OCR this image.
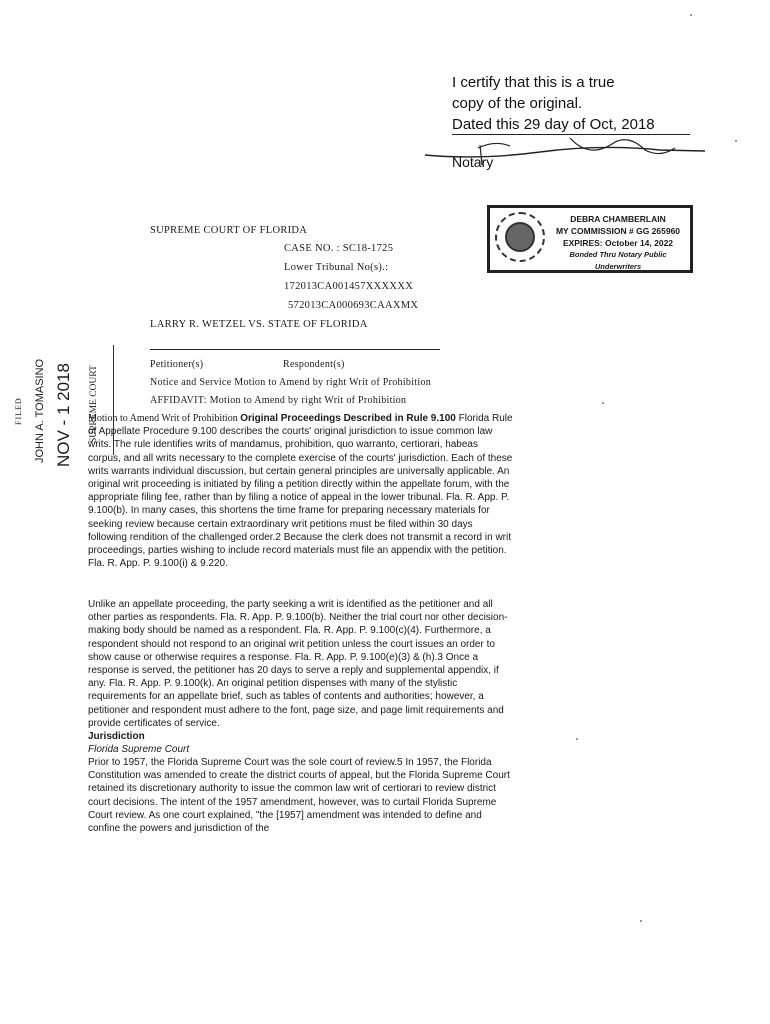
I certify that this is a true
copy of the original.
Dated this 29 day of Oct, 2018
Notary
DEBRA CHAMBERLAIN
MY COMMISSION # GG 265960
EXPIRES: October 14, 2022
Bonded Thru Notary Public Underwriters
FILED JOHN A. TOMASINO NOV - 1 2018 SUPREME COURT
SUPREME COURT OF FLORIDA
CASE NO. : SC18-1725
Lower Tribunal No(s).:
172013CA001457XXXXXX
572013CA000693CAAXMX
LARRY R. WETZEL VS. STATE OF FLORIDA
Petitioner(s)	Respondent(s)
Notice and Service Motion to Amend by right Writ of Prohibition
AFFIDAVIT: Motion to Amend by right Writ of Prohibition

Motion to Amend Writ of Prohibition Original Proceedings Described in Rule 9.100 Florida Rule of Appellate Procedure 9.100 describes the courts' original jurisdiction to issue common law writs. The rule identifies writs of mandamus, prohibition, quo warranto, certiorari, habeas corpus, and all writs necessary to the complete exercise of the courts' jurisdiction. Each of these writs warrants individual discussion, but certain general principles are universally applicable. An original writ proceeding is initiated by filing a petition directly within the appellate forum, with the appropriate filing fee, rather than by filing a notice of appeal in the lower tribunal. Fla. R. App. P. 9.100(b). In many cases, this shortens the time frame for preparing necessary materials for seeking review because certain extraordinary writ petitions must be filed within 30 days following rendition of the challenged order.2 Because the clerk does not transmit a record in writ proceedings, parties wishing to include record materials must file an appendix with the petition. Fla. R. App. P. 9.100(i) & 9.220.

Unlike an appellate proceeding, the party seeking a writ is identified as the petitioner and all other parties as respondents. Fla. R. App. P. 9.100(b). Neither the trial court nor other decision-making body should be named as a respondent. Fla. R. App. P. 9.100(c)(4). Furthermore, a respondent should not respond to an original writ petition unless the court issues an order to show cause or otherwise requires a response. Fla. R. App. P. 9.100(e)(3) & (h).3 Once a response is served, the petitioner has 20 days to serve a reply and supplemental appendix, if any. Fla. R. App. P. 9.100(k). An original petition dispenses with many of the stylistic requirements for an appellate brief, such as tables of contents and authorities; however, a petitioner and respondent must adhere to the font, page size, and page limit requirements and provide certificates of service.

Jurisdiction
Florida Supreme Court

Prior to 1957, the Florida Supreme Court was the sole court of review.5 In 1957, the Florida Constitution was amended to create the district courts of appeal, but the Florida Supreme Court retained its discretionary authority to issue the common law writ of certiorari to review district court decisions. The intent of the 1957 amendment, however, was to curtail Florida Supreme Court review. As one court explained, "the [1957] amendment was intended to define and confine the powers and jurisdiction of the
